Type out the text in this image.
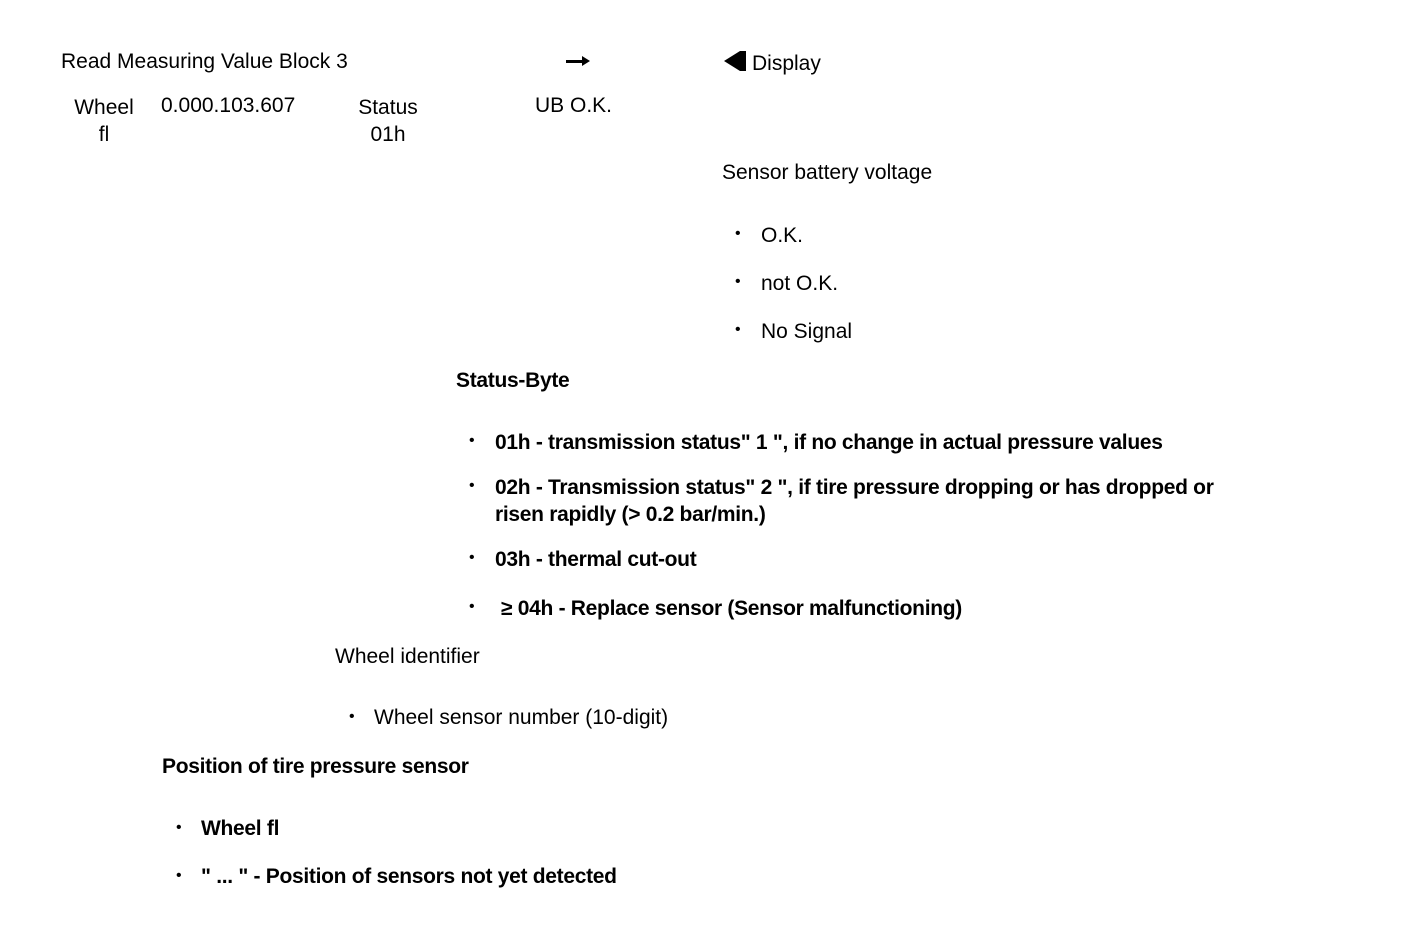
Read Measuring Value Block 3	Display
Wheel
fl
0.000.103.607	Status
01h
UB O.K.
Sensor battery voltage
• O.K.
• not O.K.
• No Signal
Status-Byte
• 01h - transmission status" 1 ", if no change in actual pressure values
• 02h - Transmission status" 2 ", if tire pressure dropping or has dropped or
risen rapidly (> 0.2 bar/min.)
• 03h - thermal cut-out
• ≥ 04h - Replace sensor (Sensor malfunctioning)
Wheel identifier
• Wheel sensor number (10-digit)
Position of tire pressure sensor
• Wheel fl
• " ... " - Position of sensors not yet detected
